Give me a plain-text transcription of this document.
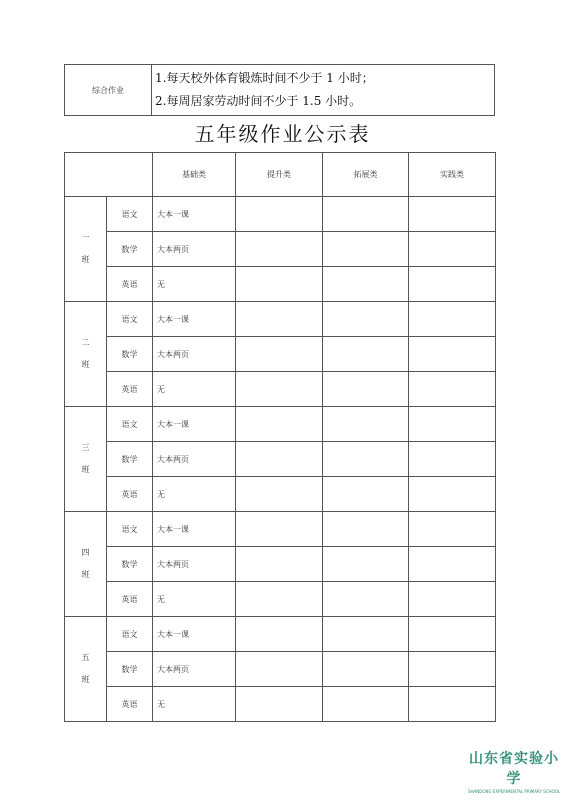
综合作业	
1.每天校外体育锻炼时间不少于 1 小时；
2.每周居家劳动时间不少于 1.5 小时。
五年级作业公示表
		基础类	提升类	拓展类	实践类

一
班	语文	大本一课			
	数学	大本两页			
	英语	无			

二
班	语文	大本一课			
	数学	大本两页			
	英语	无			

三
班	语文	大本一课			
	数学	大本两页			
	英语	无			

四
班	语文	大本一课			
	数学	大本两页			
	英语	无			

五
班	语文	大本一课			
	数学	大本两页			
	英语	无			
山东省实验小学
SHANDONG EXPERIMENTAL PRIMARY SCHOOL
